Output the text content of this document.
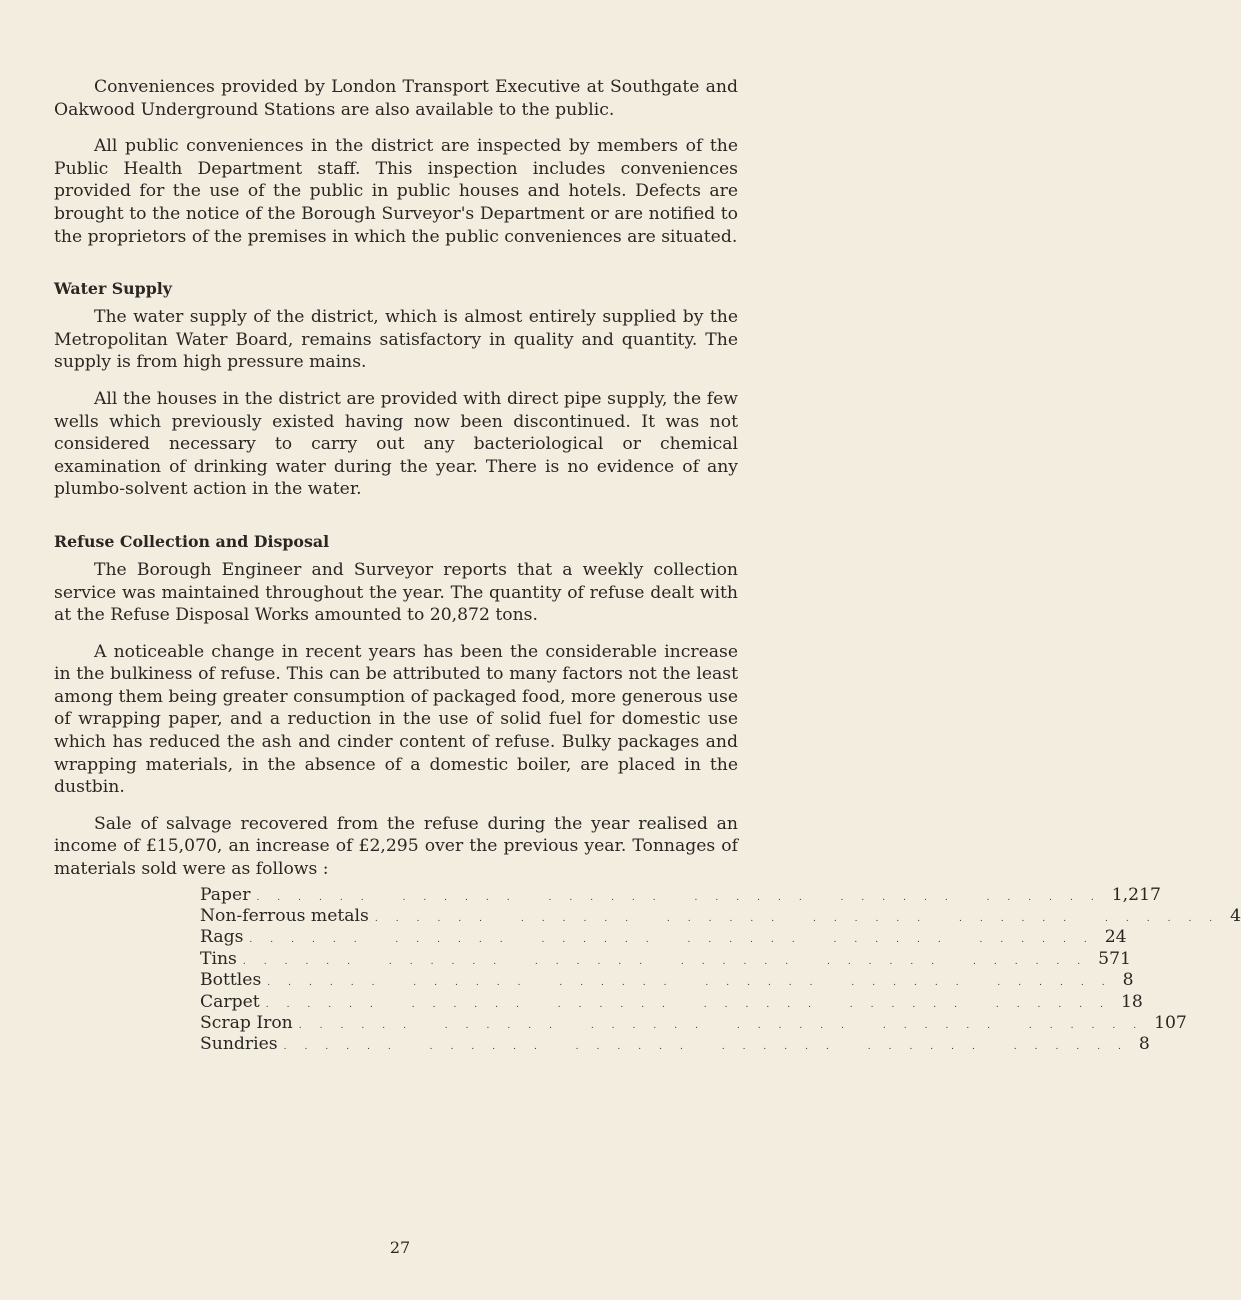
Conveniences provided by London Transport Executive at Southgate and Oakwood Underground Stations are also available to the public.

All public conveniences in the district are inspected by members of the Public Health Department staff. This inspection includes conveniences provided for the use of the public in public houses and hotels. Defects are brought to the notice of the Borough Surveyor's Department or are notified to the proprietors of the premises in which the public conveniences are situated.

Water Supply

The water supply of the district, which is almost entirely supplied by the Metropolitan Water Board, remains satisfactory in quality and quantity. The supply is from high pressure mains.

All the houses in the district are provided with direct pipe supply, the few wells which previously existed having now been discontinued. It was not considered necessary to carry out any bacteriological or chemical examination of drinking water during the year. There is no evidence of any plumbo-solvent action in the water.

Refuse Collection and Disposal

The Borough Engineer and Surveyor reports that a weekly collection service was maintained throughout the year. The quantity of refuse dealt with at the Refuse Disposal Works amounted to 20,872 tons.

A noticeable change in recent years has been the considerable increase in the bulkiness of refuse. This can be attributed to many factors not the least among them being greater consumption of packaged food, more generous use of wrapping paper, and a reduction in the use of solid fuel for domestic use which has reduced the ash and cinder content of refuse. Bulky packages and wrapping materials, in the absence of a domestic boiler, are placed in the dustbin.

Sale of salvage recovered from the refuse during the year realised an income of £15,070, an increase of £2,295 over the previous year. Tonnages of materials sold were as follows :

Paper ...... ...... ...... ...... ...... ...... 1,217
Non-ferrous metals ...... ...... ...... ...... ...... ...... 4
Rags ...... ...... ...... ...... ...... ...... 24
Tins ...... ...... ...... ...... ...... ...... 571
Bottles ...... ...... ...... ...... ...... ...... 8
Carpet ...... ...... ...... ...... ...... ...... 18
Scrap Iron ...... ...... ...... ...... ...... ...... 107
Sundries ...... ...... ...... ...... ...... ...... 8
27
